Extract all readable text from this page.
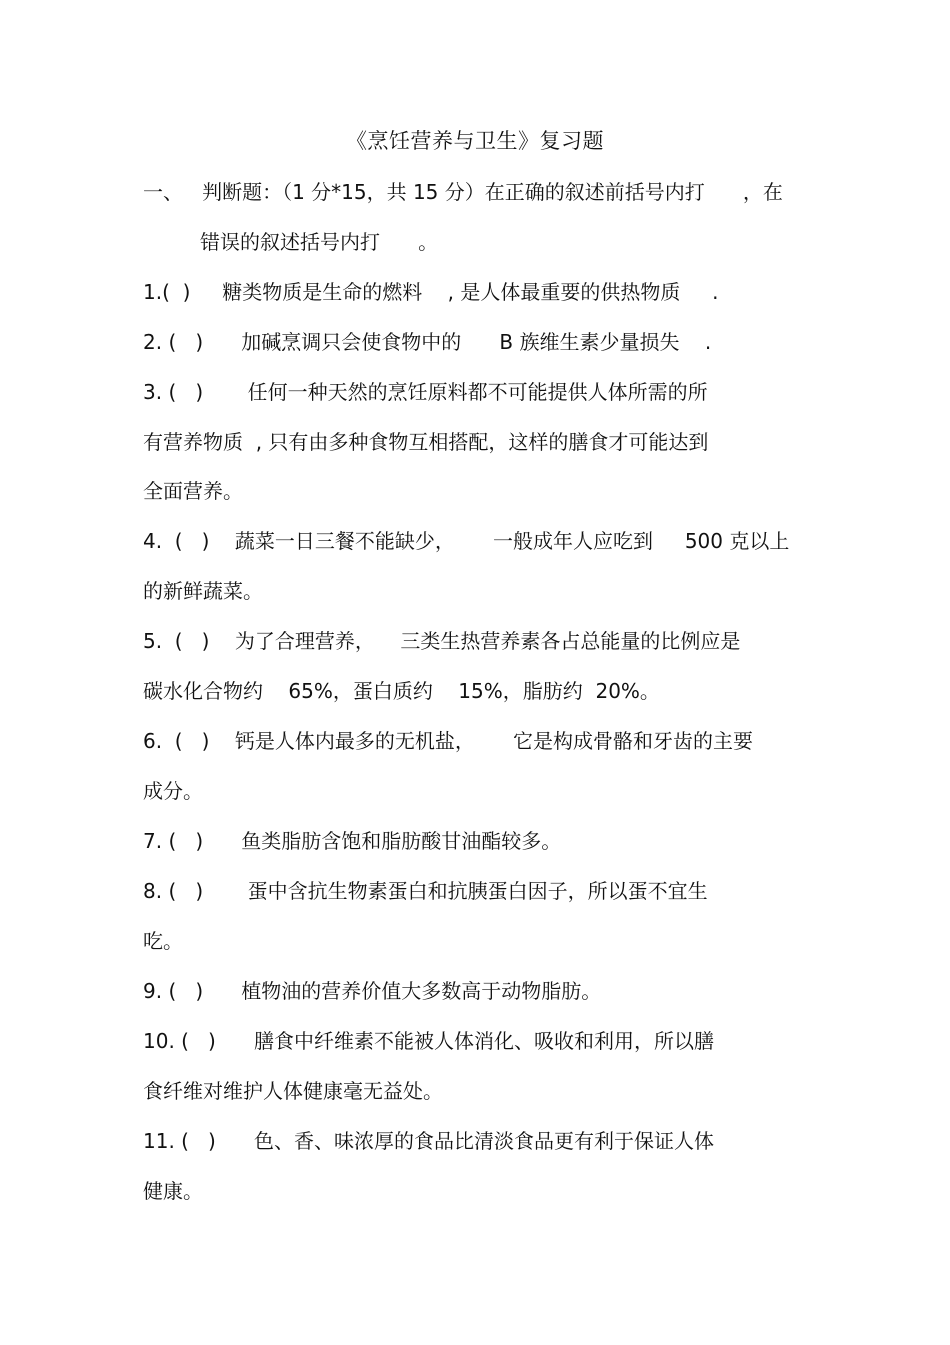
《烹饪营养与卫生》复习题
一、   判断题：（1 分*15，共 15 分）在正确的叙述前括号内打      ，在
错误的叙述括号内打      。
1.(  )     糖类物质是生命的燃料    , 是人体最重要的供热物质     .
2. (   )      加碱烹调只会使食物中的      B 族维生素少量损失    .
3. (   )       任何一种天然的烹饪原料都不可能提供人体所需的所
有营养物质  , 只有由多种食物互相搭配，这样的膳食才可能达到
全面营养。
4.  (   )    蔬菜一日三餐不能缺少，      一般成年人应吃到     500 克以上
的新鲜蔬菜。
5.  (   )    为了合理营养，    三类生热营养素各占总能量的比例应是
碳水化合物约    65%，蛋白质约    15%，脂肪约  20%。
6.  (   )    钙是人体内最多的无机盐，      它是构成骨骼和牙齿的主要
成分。
7. (   )      鱼类脂肪含饱和脂肪酸甘油酯较多。
8. (   )       蛋中含抗生物素蛋白和抗胰蛋白因子，所以蛋不宜生
吃。
9. (   )      植物油的营养价值大多数高于动物脂肪。
10. (   )      膳食中纤维素不能被人体消化、吸收和利用，所以膳
食纤维对维护人体健康毫无益处。
11. (   )      色、香、味浓厚的食品比清淡食品更有利于保证人体
健康。
